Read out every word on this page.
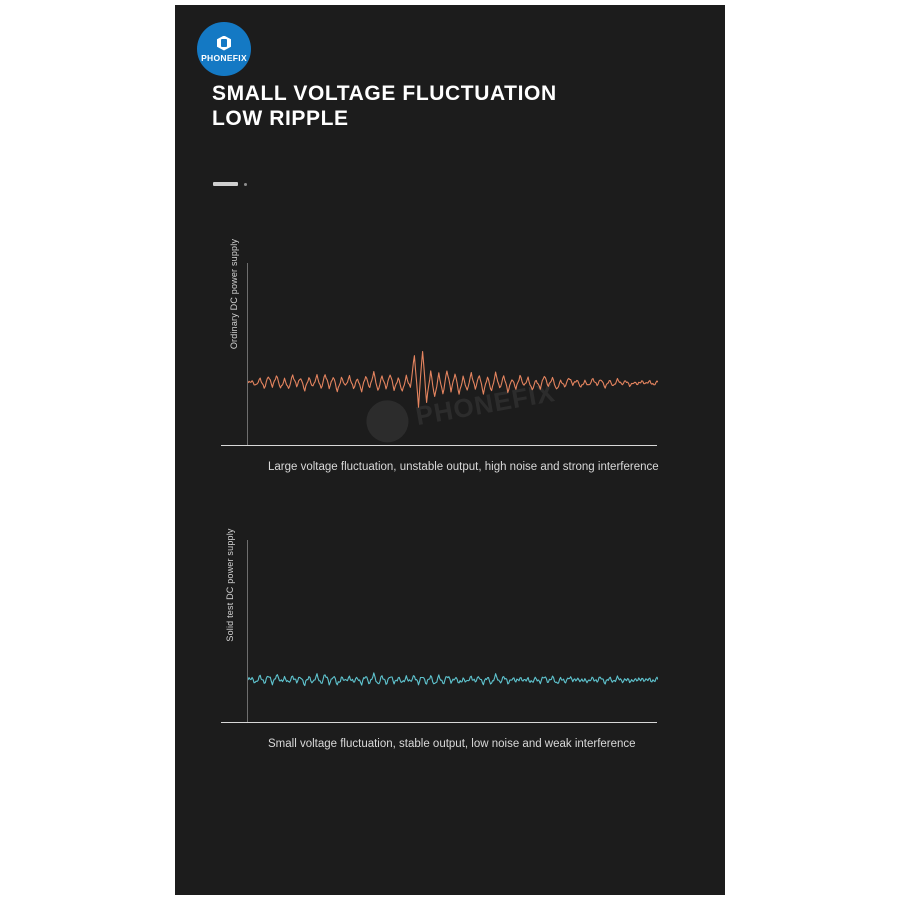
PHONEFIX
SMALL VOLTAGE FLUCTUATION
LOW RIPPLE
PHONEFIX
Ordinary DC power supply
Large voltage fluctuation, unstable output, high noise and strong interference
Solid test DC power supply
Small voltage fluctuation, stable output, low noise and weak interference
